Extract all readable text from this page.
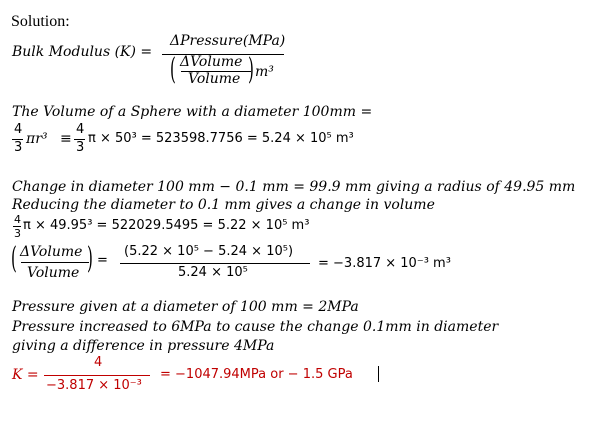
Solution:
Bulk Modulus (K) =
ΔPressure(MPa)
( ΔVolume
Volume ) m³
The Volume of a Sphere with a diameter 100mm =
4
3
πr³ ≡
4
3
π × 50³ = 523598.7756 = 5.24 × 10⁵ m³
Change in diameter 100 mm − 0.1 mm = 99.9 mm giving a radius of 49.95 mm
Reducing the diameter to 0.1 mm gives a change in volume
4
3
π × 49.95³ = 522029.5495 = 5.22 × 10⁵ m³
( ΔVolume
Volume ) =
(5.22 × 10⁵ − 5.24 × 10⁵)
5.24 × 10⁵
= −3.817 × 10⁻³ m³
Pressure given at a diameter of 100 mm = 2MPa
Pressure increased to 6MPa to cause the change 0.1mm in diameter
giving a difference in pressure 4MPa
K =
4
−3.817 × 10⁻³
= −1047.94MPa or − 1.5 GPa
